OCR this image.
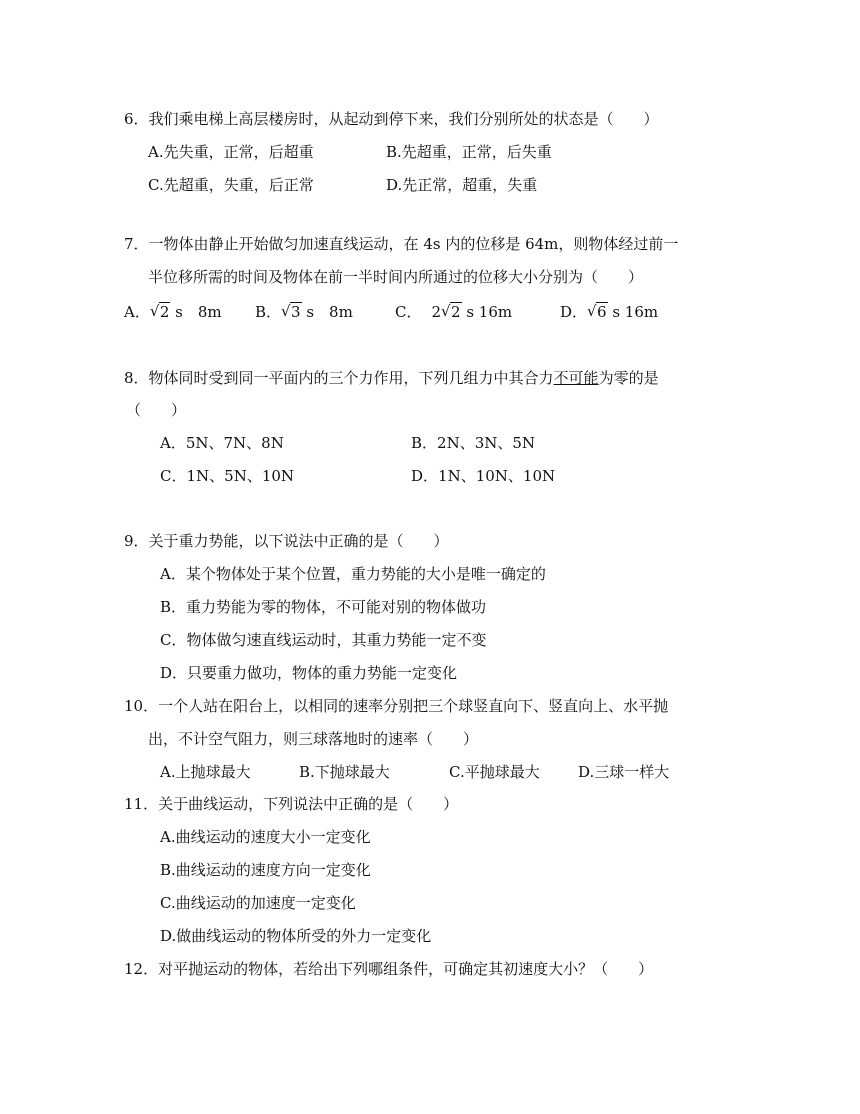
6．我们乘电梯上高层楼房时，从起动到停下来，我们分别所处的状态是（　　）
A.先失重，正常，后超重	B.先超重，正常，后失重
C.先超重，失重，后正常	D.先正常，超重，失重
7．一物体由静止开始做匀加速直线运动，在 4s 内的位移是 64m，则物体经过前一
半位移所需的时间及物体在前一半时间内所通过的位移大小分别为（　　）
A． √ 2 s　8m B． √ 3 s　8m	C． 2 √ 2 s 16m	D． √ 6 s 16m
8．物体同时受到同一平面内的三个力作用，下列几组力中其合力不可能为零的是
（　　）
A．5N、7N、8N	B．2N、3N、5N
C．1N、5N、10N	D．1N、10N、10N
9．关于重力势能，以下说法中正确的是（　　）
A．某个物体处于某个位置，重力势能的大小是唯一确定的
B．重力势能为零的物体，不可能对别的物体做功
C．物体做匀速直线运动时，其重力势能一定不变
D．只要重力做功，物体的重力势能一定变化
10．一个人站在阳台上，以相同的速率分别把三个球竖直向下、竖直向上、水平抛
出，不计空气阻力，则三球落地时的速率（　　）
A.上抛球最大	B.下抛球最大	C.平抛球最大	D.三球一样大
11．关于曲线运动，下列说法中正确的是（　　）
A.曲线运动的速度大小一定变化
B.曲线运动的速度方向一定变化
C.曲线运动的加速度一定变化
D.做曲线运动的物体所受的外力一定变化
12．对平抛运动的物体，若给出下列哪组条件，可确定其初速度大小？（　　）
